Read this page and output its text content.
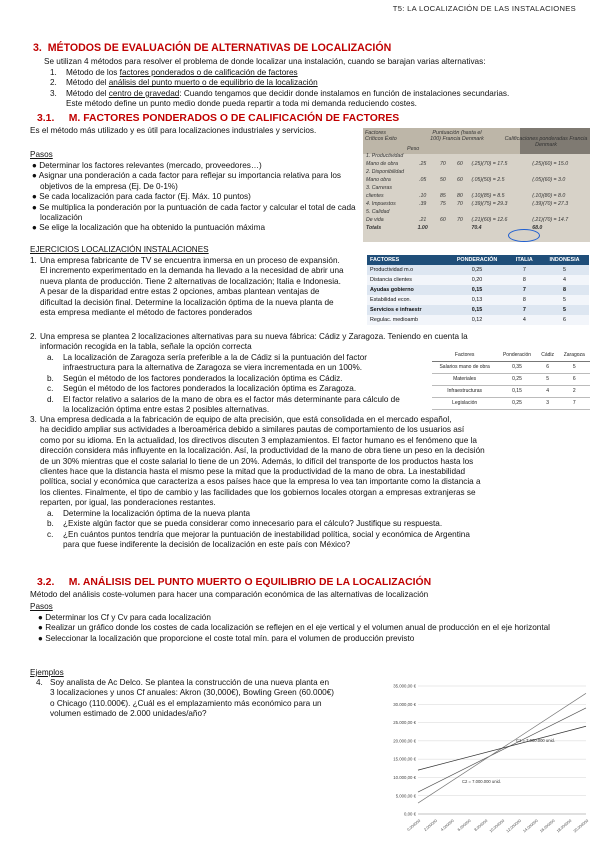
T5: LA LOCALIZACIÓN DE LAS INSTALACIONES
3. MÉTODOS DE EVALUACIÓN DE ALTERNATIVAS DE LOCALIZACIÓN
Se utilizan 4 métodos para resolver el problema de donde localizar una instalación, cuando se barajan varias alternativas:
1. Método de los factores ponderados o de calificación de factores
2. Método del análisis del punto muerto o de equilibrio de la localización
3. Método del centro de gravedad: Cuando tengamos que decidir donde instalamos en función de instalaciones secundarias.
Este método define un punto medio donde pueda repartir a toda mi demanda reduciendo costes.
3.1. M. FACTORES PONDERADOS O DE CALIFICACIÓN DE FACTORES
Es el método más utilizado y es útil para localizaciones industriales y servicios.
Pasos
● Determinar los factores relevantes (mercado, proveedores…)
● Asignar una ponderación a cada factor para reflejar su importancia relativa para los objetivos de la empresa (Ej. De 0-1%)
● Se cada localización para cada factor (Ej. Máx. 10 puntos)
● Se multiplica la ponderación por la puntuación de cada factor y calcular el total de cada localización
● Se elige la localización que ha obtenido la puntuación máxima
Factores Críticos Éxito
Peso
Puntuación (hasta el 100) Francia Denmark	Calificaciones ponderadas Francia Denmark
1. Productividad					
Mano de obra	.25	70	60	(.25)(70) = 17.5	(.25)(60) = 15.0
2. Disponibilidad					
Mano obra	.05	50	60	(.05)(50) = 2.5	(.05)(60) = 3.0
3. Carreras					
clientes	.10	85	80	(.10)(85) = 8.5	(.10)(80) = 8.0
4. Impuestos	.39	75	70	(.39)(75) = 29.3	(.39)(70) = 27.3
5. Calidad					
De vida	.21	60	70	(.21)(60) = 12.6	(.21)(70) = 14.7
Totals	1.00			70.4	68.0
EJERCICIOS LOCALIZACIÓN INSTALACIONES
1. Una empresa fabricante de TV se encuentra inmersa en un proceso de expansión.
El incremento experimentado en la demanda ha llevado a la necesidad de abrir una
nueva planta de producción. Tiene 2 alternativas de localización; Italia e Indonesia.
A pesar de la disparidad entre estas 2 opciones, ambas plantean ventajas de
dificultad la decisión final. Determine la localización óptima de la nueva planta de
esta empresa mediante el método de factores ponderados
FACTORES	PONDERACIÓN	ITALIA	INDONESIA
Productividad m.o	0,25	7	5
Distancia clientes	0,20	8	4
Ayudas gobierno	0,15	7	8
Estabilidad econ.	0,13	8	5
Servicios e infraestr	0,15	7	5
Regulac. medioamb	0,12	4	6
2. Una empresa se plantea 2 localizaciones alternativas para su nueva fábrica: Cádiz y Zaragoza. Teniendo en cuenta la
información recogida en la tabla, señale la opción correcta
a. La localización de Zaragoza sería preferible a la de Cádiz si la puntuación del factor
infraestructura para la alternativa de Zaragoza se viera incrementada en un 100%.
b. Según el método de los factores ponderados la localización óptima es Cádiz.
c. Según el método de los factores ponderados la localización óptima es Zaragoza.
d. El factor relativo a salarios de la mano de obra es el factor más determinante para cálculo de
la localización óptima entre estas 2 posibles alternativas.
Factores	Ponderación	Cádiz	Zaragoza
Salarios mano de obra	0,35	6	5
Materiales	0,25	5	6
Infraestructuras	0,15	4	2
Legislación	0,25	3	7
3. Una empresa dedicada a la fabricación de equipo de alta precisión, que está consolidada en el mercado español,
ha decidido ampliar sus actividades a Iberoamérica debido a similares pautas de comportamiento de los usuarios así
como por su idioma. En la actualidad, los directivos discuten 3 emplazamientos. El factor humano es el fenómeno que la
dirección considera más influyente en la localización. Así, la productividad de la mano de obra tiene un peso en la decisión
de un 30% mientras que el coste salarial lo tiene de un 20%. Además, lo difícil del transporte de los productos hasta los
clientes hace que la distancia hasta el mismo pese la mitad que la productividad de la mano de obra. La inestabilidad
política, social y económica que caracteriza a esos países hace que la empresa lo vea tan importante como la distancia a
los clientes. Finalmente, el tipo de cambio y las facilidades que los gobiernos locales otorgan a empresas extranjeras se
reparten, por igual, las ponderaciones restantes.
a. Determine la localización óptima de la nueva planta
b. ¿Existe algún factor que se pueda considerar como innecesario para el cálculo? Justifique su respuesta.
c. ¿En cuántos puntos tendría que mejorar la puntuación de inestabilidad política, social y económica de Argentina
para que fuese indiferente la decisión de localización en este país con México?
3.2. M. ANÁLISIS DEL PUNTO MUERTO O EQUILIBRIO DE LA LOCALIZACIÓN
Método del análisis coste-volumen para hacer una comparación económica de las alternativas de localización
Pasos
● Determinar los Cf y Cv para cada localización
● Realizar un gráfico donde los costes de cada localización se reflejen en el eje vertical y el volumen anual de producción en el eje horizontal
● Seleccionar la localización que proporcione el coste total mín. para el volumen de producción previsto
Ejemplos
4. Soy analista de Ac Delco. Se plantea la construcción de una nueva planta en
3 localizaciones y unos Cf anuales: Akron (30,000€), Bowling Green (60.000€)
o Chicago (110.000€). ¿Cuál es el emplazamiento más económico para un
volumen estimado de 2.000 unidades/año?
0,00 €
5.000,00 €
10.000,00 €
15.000,00 €
20.000,00 €
25.000,00 €
30.000,00 €
35.000,00 €
0,000000 2,000000 4,000000 6,000000 8,000000 10,000000 12,000000 14,000000 16,000000 18,000000 20,000000
C1 = 7.000.000 unid.
C2 = 7.000.000 unid.
